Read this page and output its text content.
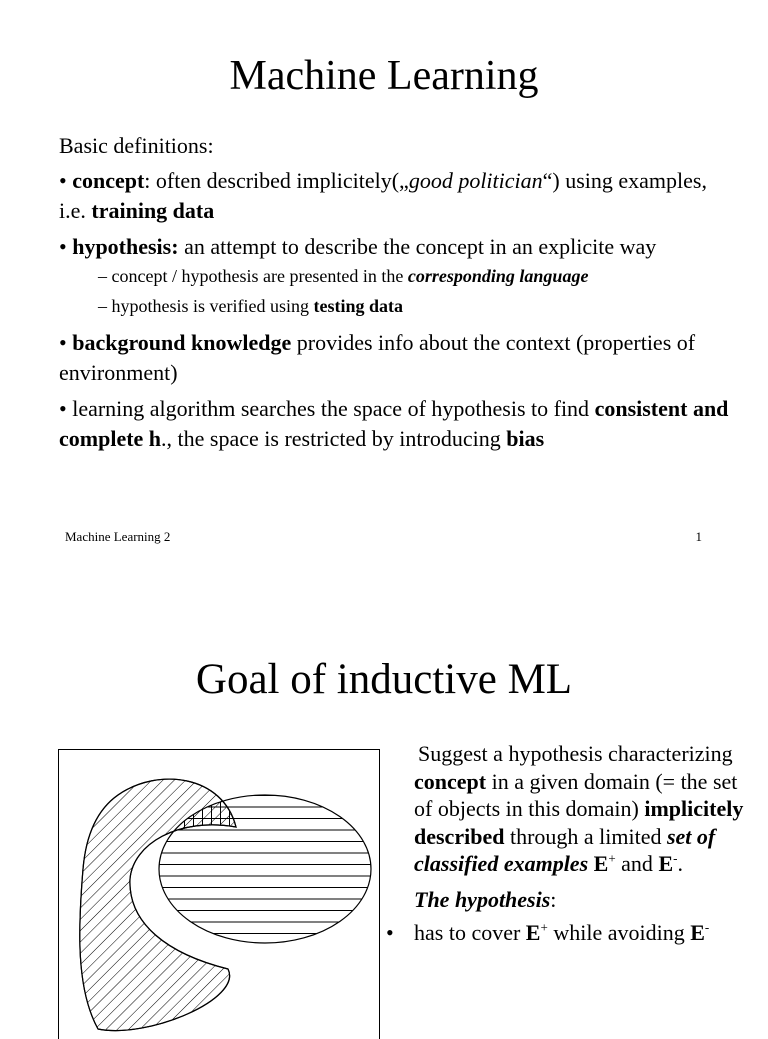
Machine Learning

Basic definitions:

• concept: often described implicitely(„good politician“) using examples, i.e. training data

• hypothesis: an attempt to describe the concept in an explicite way

– concept / hypothesis are presented in the corresponding language

– hypothesis is verified using testing data

• background knowledge provides info about the context (properties of environment)

• learning algorithm searches the space of hypothesis to find consistent and complete h., the space is restricted by introducing bias

Machine Learning 2	1
Goal of inductive ML

Suggest a hypothesis characterizing concept in a given domain (= the set of objects in this domain) implicitely described through a limited set of classified examples E+ and E-.

The hypothesis:

• has to cover E+ while avoiding E-
